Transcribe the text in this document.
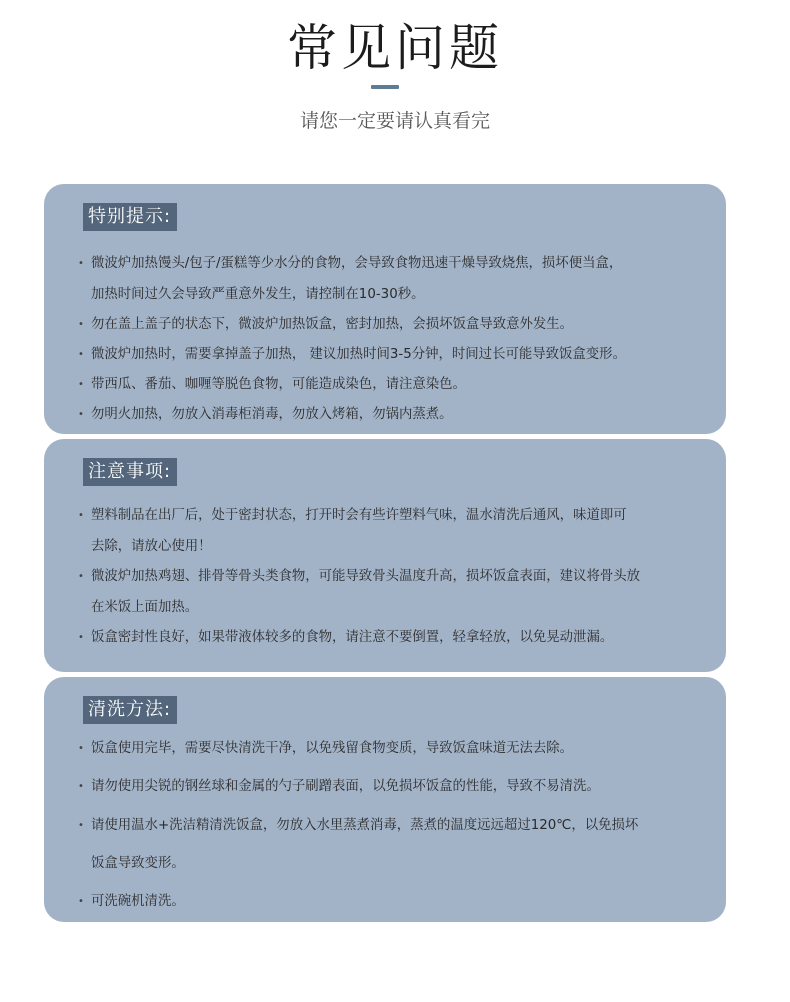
常见问题
请您一定要请认真看完
特别提示:
• 微波炉加热馒头/包子/蛋糕等少水分的食物，会导致食物迅速干燥导致烧焦，损坏便当盒，
加热时间过久会导致严重意外发生，请控制在10-30秒。
• 勿在盖上盖子的状态下，微波炉加热饭盒，密封加热，会损坏饭盒导致意外发生。
• 微波炉加热时，需要拿掉盖子加热， 建议加热时间3-5分钟，时间过长可能导致饭盒变形。
• 带西瓜、番茄、咖喱等脱色食物，可能造成染色，请注意染色。
• 勿明火加热，勿放入消毒柜消毒，勿放入烤箱，勿锅内蒸煮。
注意事项:
• 塑料制品在出厂后，处于密封状态，打开时会有些许塑料气味，温水清洗后通风，味道即可
去除，请放心使用！
• 微波炉加热鸡翅、排骨等骨头类食物，可能导致骨头温度升高，损坏饭盒表面，建议将骨头放
在米饭上面加热。
• 饭盒密封性良好，如果带液体较多的食物，请注意不要倒置，轻拿轻放，以免晃动泄漏。
清洗方法:
• 饭盒使用完毕，需要尽快清洗干净，以免残留食物变质，导致饭盒味道无法去除。
• 请勿使用尖锐的钢丝球和金属的勺子刷蹭表面，以免损坏饭盒的性能，导致不易清洗。
• 请使用温水+洗洁精清洗饭盒，勿放入水里蒸煮消毒，蒸煮的温度远远超过120℃，以免损坏
饭盒导致变形。
• 可洗碗机清洗。
